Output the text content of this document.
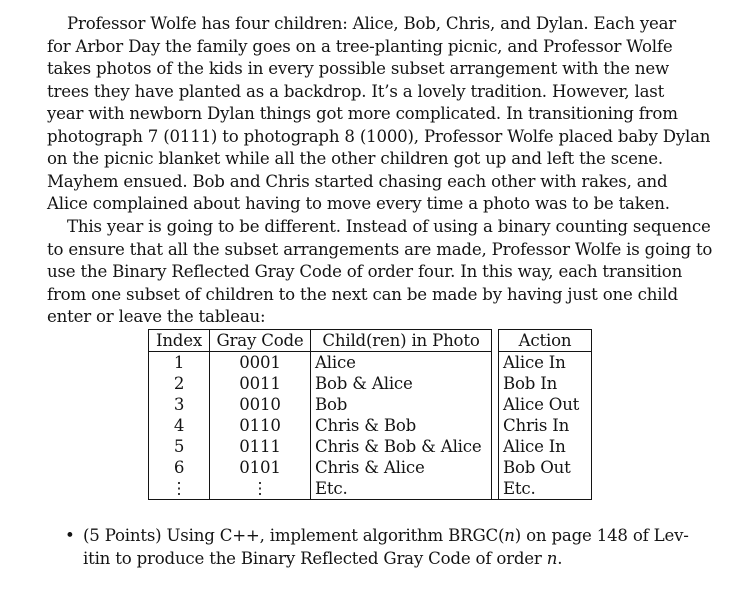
Professor Wolfe has four children: Alice, Bob, Chris, and Dylan. Each year
for Arbor Day the family goes on a tree-planting picnic, and Professor Wolfe
takes photos of the kids in every possible subset arrangement with the new
trees they have planted as a backdrop. It’s a lovely tradition. However, last
year with newborn Dylan things got more complicated. In transitioning from
photograph 7 (0111) to photograph 8 (1000), Professor Wolfe placed baby Dylan
on the picnic blanket while all the other children got up and left the scene.
Mayhem ensued. Bob and Chris started chasing each other with rakes, and
Alice complained about having to move every time a photo was to be taken.
This year is going to be different. Instead of using a binary counting sequence
to ensure that all the subset arrangements are made, Professor Wolfe is going to
use the Binary Reflected Gray Code of order four. In this way, each transition
from one subset of children to the next can be made by having just one child
enter or leave the tableau:
Index	Gray Code	Child(ren) in Photo		Action
1	0001	Alice		Alice In
2	0011	Bob & Alice		Bob In
3	0010	Bob		Alice Out
4	0110	Chris & Bob		Chris In
5	0111	Chris & Bob & Alice		Alice In
6	0101	Chris & Alice		Bob Out
⋮	⋮	Etc.		Etc.
• (5 Points) Using C++, implement algorithm BRGC(n) on page 148 of Lev-
itin to produce the Binary Reflected Gray Code of order n.
